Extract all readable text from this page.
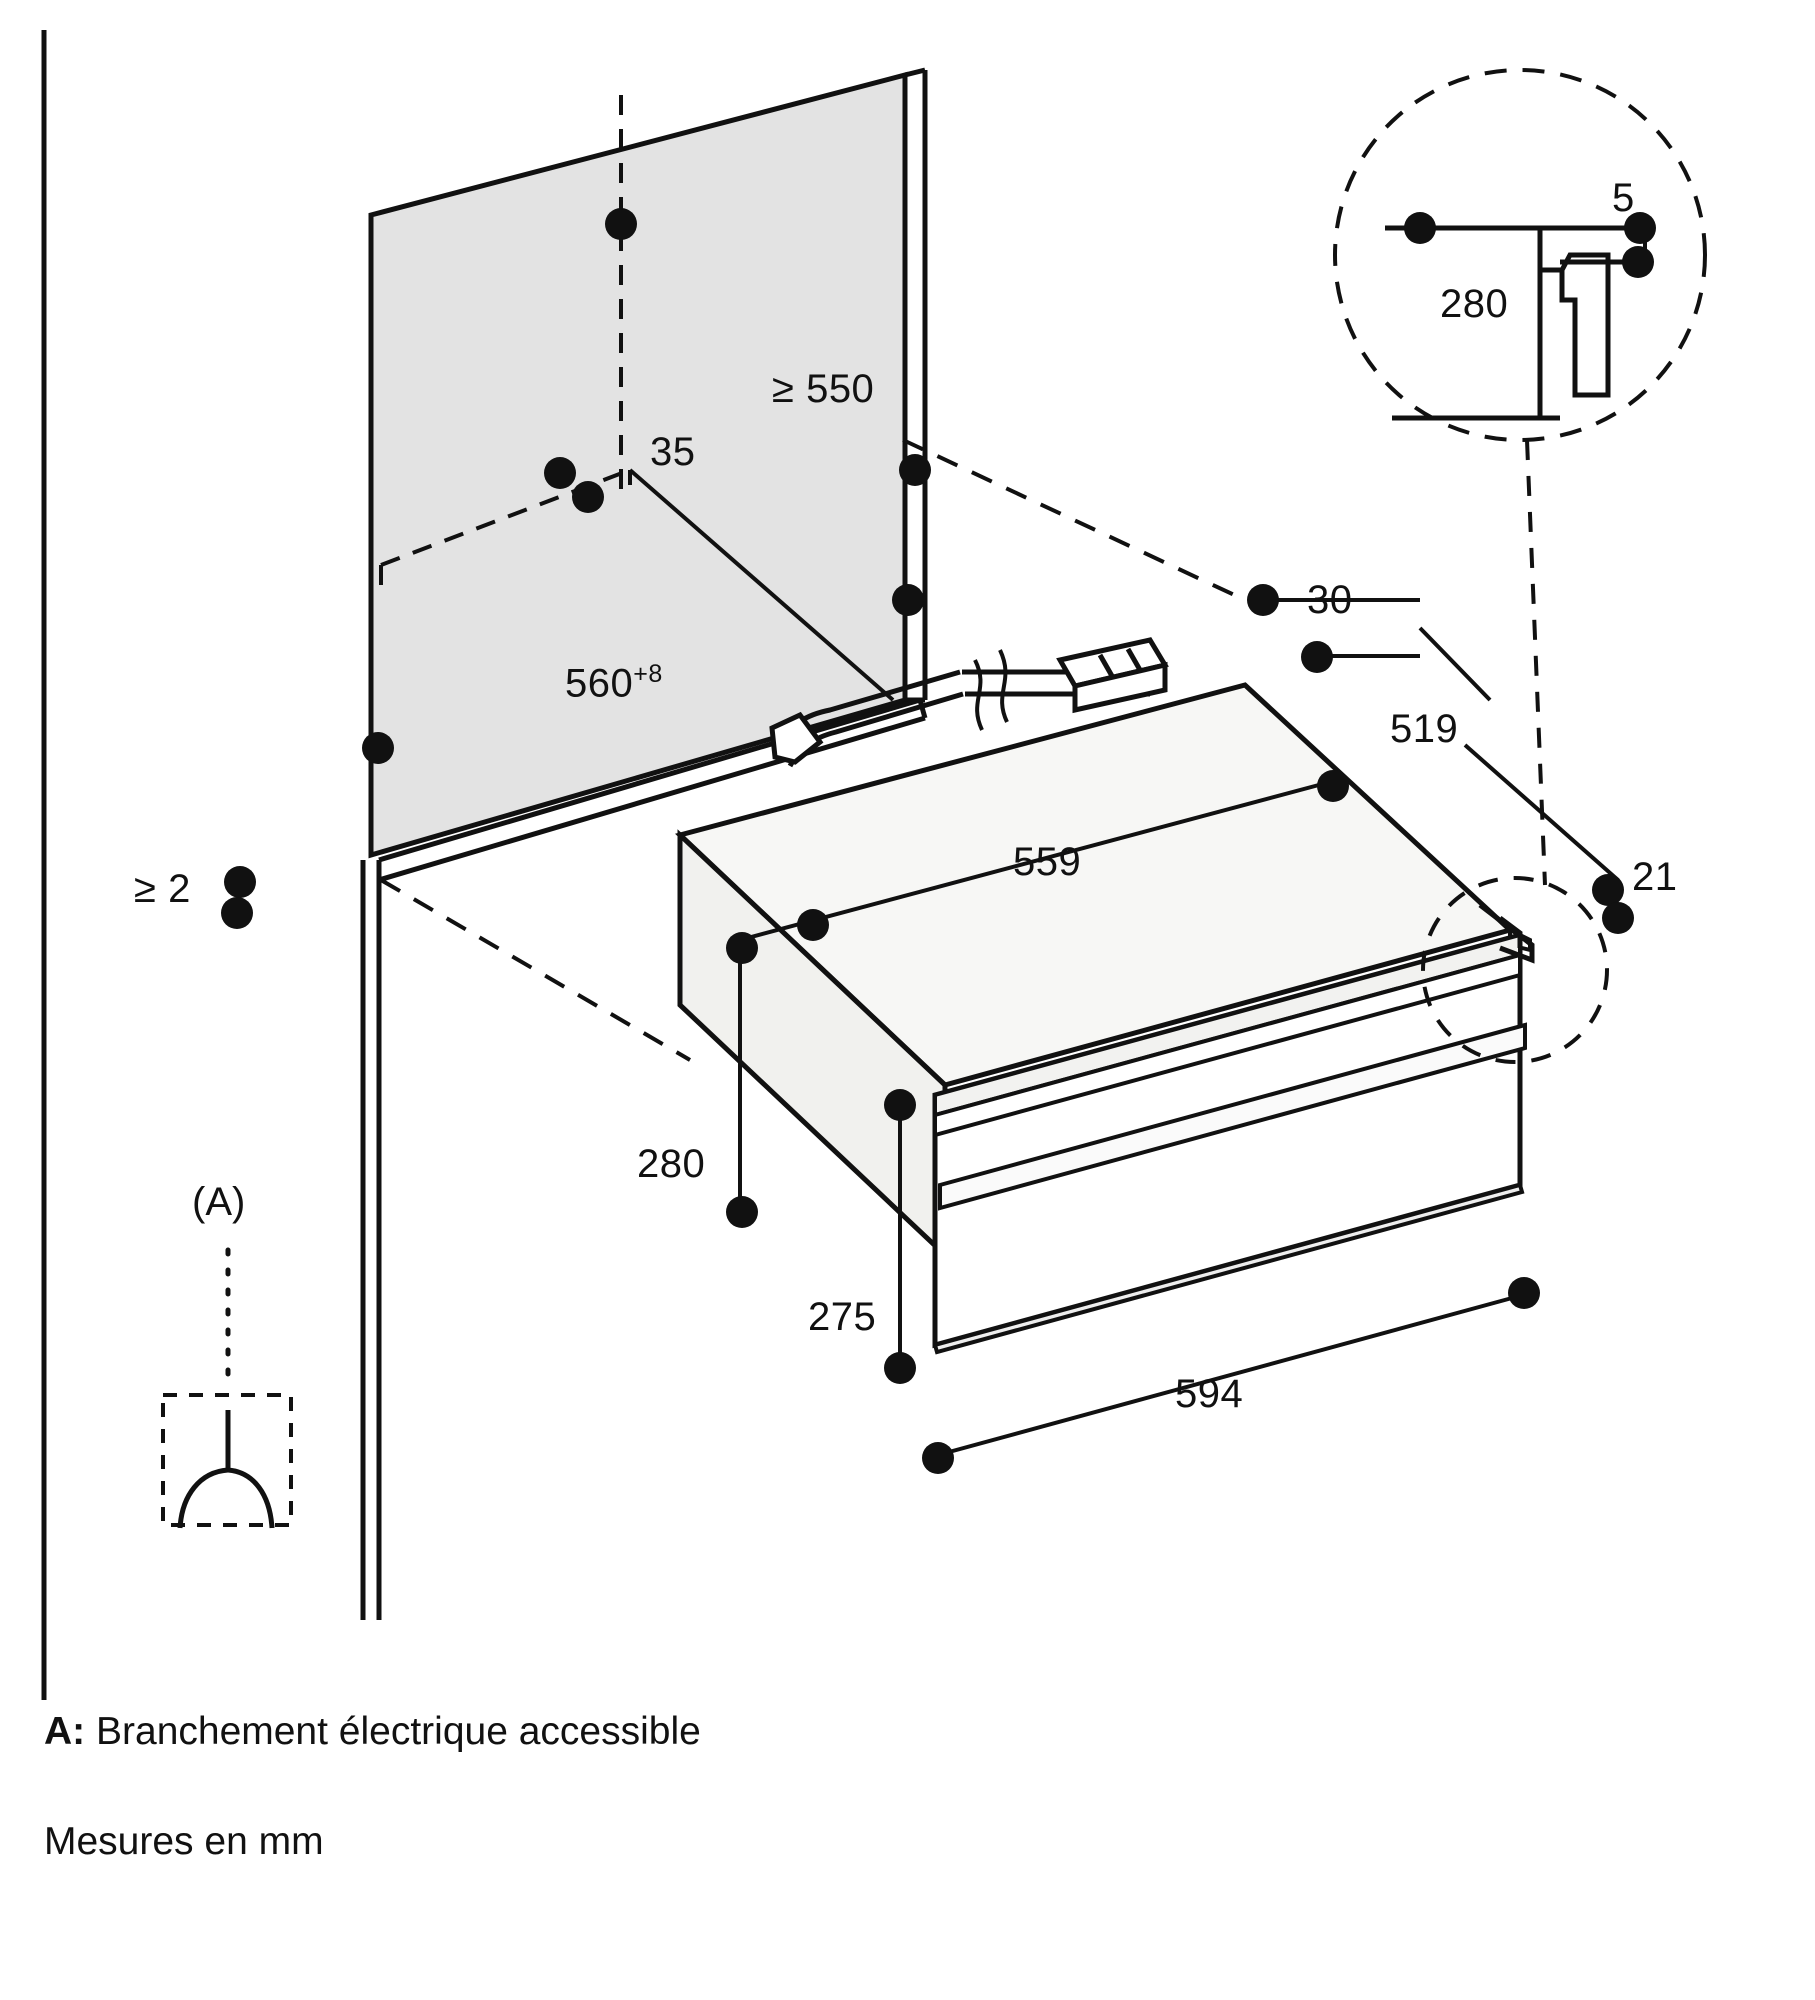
≥ 550
35
$560^{+8}$
≥ 2
30
519
559	21
5
280
280
275
594
(A)
A: Branchement électrique accessible
Mesures en mm
